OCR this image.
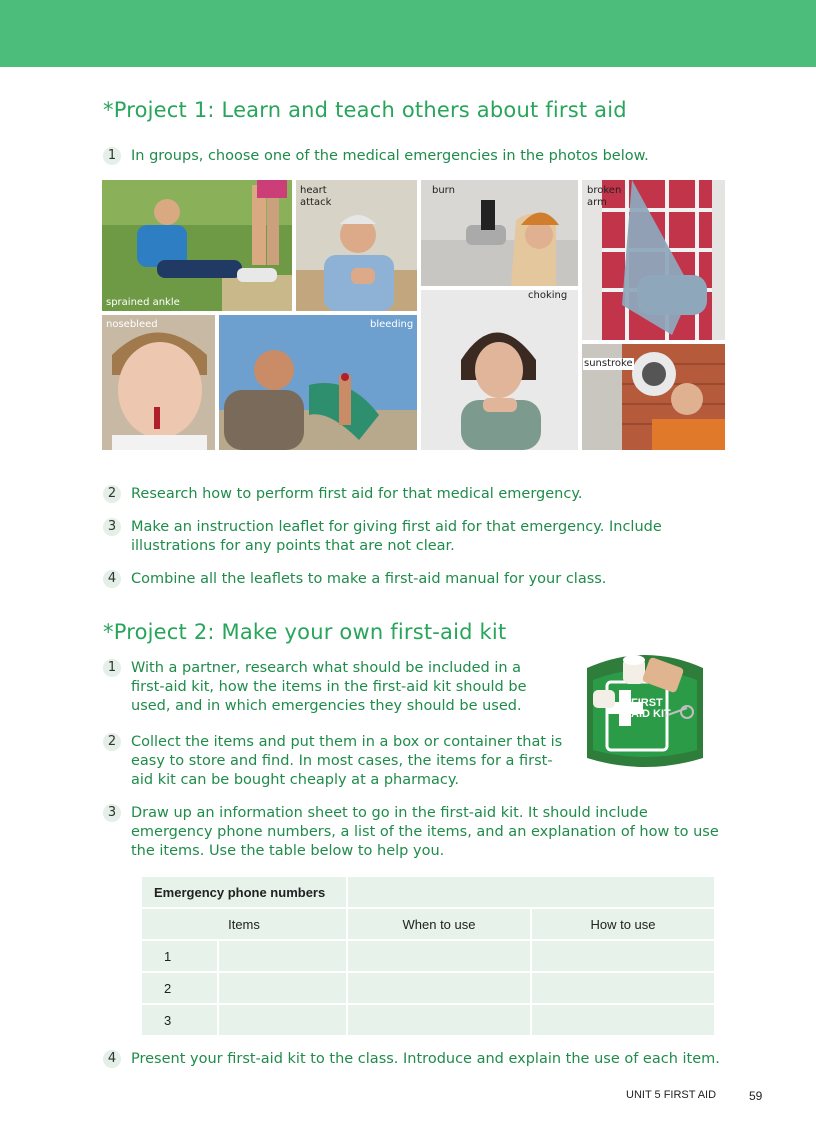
*Project 1: Learn and teach others about first aid
1	In groups, choose one of the medical emergencies in the photos below.
sprained ankle
heart attack
burn	broken arm
choking
nosebleed	bleeding
sunstroke
2	Research how to perform first aid for that medical emergency.
3	Make an instruction leaflet for giving first aid for that emergency. Include illustrations for any points that are not clear.
4	Combine all the leaflets to make a first-aid manual for your class.
*Project 2: Make your own first-aid kit
1	With a partner, research what should be included in a first-aid kit, how the items in the first-aid kit should be used, and in which emergencies they should be used.
2	Collect the items and put them in a box or container that is easy to store and find. In most cases, the items for a first-aid kit can be bought cheaply at a pharmacy.
FIRST AID KIT
3	Draw up an information sheet to go in the first-aid kit. It should include emergency phone numbers, a list of the items, and an explanation of how to use the items. Use the table below to help you.
Emergency phone numbers			
Items		When to use	How to use
1			
2			
3			
4	Present your first-aid kit to the class. Introduce and explain the use of each item.
UNIT 5 FIRST AID	59
